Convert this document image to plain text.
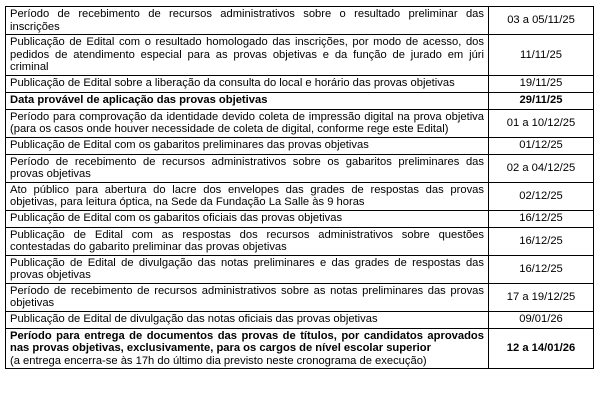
Período de recebimento de recursos administrativos sobre o resultado preliminar das inscrições	03 a 05/11/25
Publicação de Edital com o resultado homologado das inscrições, por modo de acesso, dos pedidos de atendimento especial para as provas objetivas e da função de jurado em júri criminal	11/11/25
Publicação de Edital sobre a liberação da consulta do local e horário das provas objetivas	19/11/25
Data provável de aplicação das provas objetivas	29/11/25
Período para comprovação da identidade devido coleta de impressão digital na prova objetiva (para os casos onde houver necessidade de coleta de digital, conforme rege este Edital)	01 a 10/12/25
Publicação de Edital com os gabaritos preliminares das provas objetivas	01/12/25
Período de recebimento de recursos administrativos sobre os gabaritos preliminares das provas objetivas	02 a 04/12/25
Ato público para abertura do lacre dos envelopes das grades de respostas das provas objetivas, para leitura óptica, na Sede da Fundação La Salle às 9 horas	02/12/25
Publicação de Edital com os gabaritos oficiais das provas objetivas	16/12/25
Publicação de Edital com as respostas dos recursos administrativos sobre questões contestadas do gabarito preliminar das provas objetivas	16/12/25
Publicação de Edital de divulgação das notas preliminares e das grades de respostas das provas objetivas	16/12/25
Período de recebimento de recursos administrativos sobre as notas preliminares das provas objetivas	17 a 19/12/25
Publicação de Edital de divulgação das notas oficiais das provas objetivas	09/01/26
Período para entrega de documentos das provas de títulos, por candidatos aprovados nas provas objetivas, exclusivamente, para os cargos de nível escolar superior
(a entrega encerra-se às 17h do último dia previsto neste cronograma de execução)	12 a 14/01/26
